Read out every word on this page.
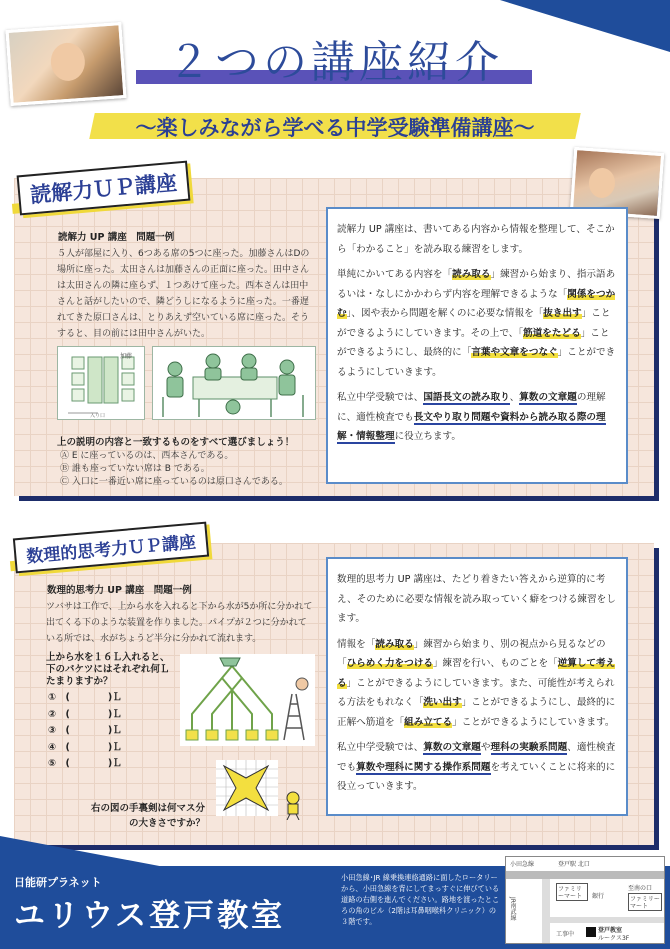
２つの講座紹介
〜楽しみながら学べる中学受験準備講座〜
読解力ＵＰ講座
読解力 UP 講座　問題一例
５人が部屋に入り、6つある席の5つに座った。加藤さんはDの場所に座った。太田さんは加藤さんの正面に座った。田中さんは太田さんの隣に座らず、１つあけて座った。西本さんは田中さんと話がしたいので、隣どうしになるように座った。一番遅れてきた原口さんは、とりあえず空いている席に座った。そうすると、目の前には田中さんがいた。
加藤
入り口
上の説明の内容と一致するものをすべて選びましょう！
Ⓐ E に座っているのは、西本さんである。
Ⓑ 誰も座っていない席は B である。
Ⓒ 入口に一番近い席に座っているのは原口さんである。

読解力 UP 講座は、書いてある内容から情報を整理して、そこから「わかること」を読み取る練習をします。

単純にかいてある内容を「読み取る」練習から始まり、指示語あるいは・なしにかかわらず内容を理解できるような「関係をつかむ」、図や表から問題を解くのに必要な情報を「抜き出す」ことができるようにしていきます。その上で、「筋道をたどる」ことができるようにし、最終的に「言葉や文章をつなぐ」ことができるようにしていきます。

私立中学受験では、国語長文の読み取り、算数の文章題の理解に、適性検査でも長文やり取り問題や資料から読み取る際の理解・情報整理に役立ちます。

数理的思考力ＵＰ講座
数理的思考力 UP 講座　問題一例
ツバサは工作で、上から水を入れると下から水が5か所に分かれて出てくる下のような装置を作りました。パイプが２つに分かれている所では、水がちょうど半分に分かれて流れます。
上から水を１６Ｌ入れると、下のバケツにはそれぞれ何Ｌたまりますか？
①　(　　　　)Ｌ
②　(　　　　)Ｌ
③　(　　　　)Ｌ
④　(　　　　)Ｌ
⑤　(　　　　)Ｌ
右の図の手裏剣は何マス分の大きさですか？

数理的思考力 UP 講座は、たどり着きたい答えから逆算的に考え、そのために必要な情報を読み取っていく癖をつける練習をします。

情報を「読み取る」練習から始まり、別の視点から見るなどの「ひらめく力をつける」練習を行い、ものごとを「逆算して考える」ことができるようにしていきます。また、可能性が考えられる方法をもれなく「洗い出す」ことができるようにし、最終的に正解へ筋道を「組み立てる」ことができるようにしていきます。

私立中学受験では、算数の文章題や理科の実験系問題、適性検査でも算数や理科に関する操作系問題を考えていくことに将来的に役立っていきます。

日能研プラネット
ユリウス登戸教室
小田急線･JR 線乗換連絡通路に面したロータリーから、小田急線を背にしてまっすぐに伸びている道路の右側を進んでください。路地を渡ったところの角のビル（2階は耳鼻咽喉科クリニック）の３階です。
小田急線	登戸駅 北口
ファミリーマート	銀行
至南の口
ファミリーマート
工事中
登戸教室
ルークス3F
JR南武線
